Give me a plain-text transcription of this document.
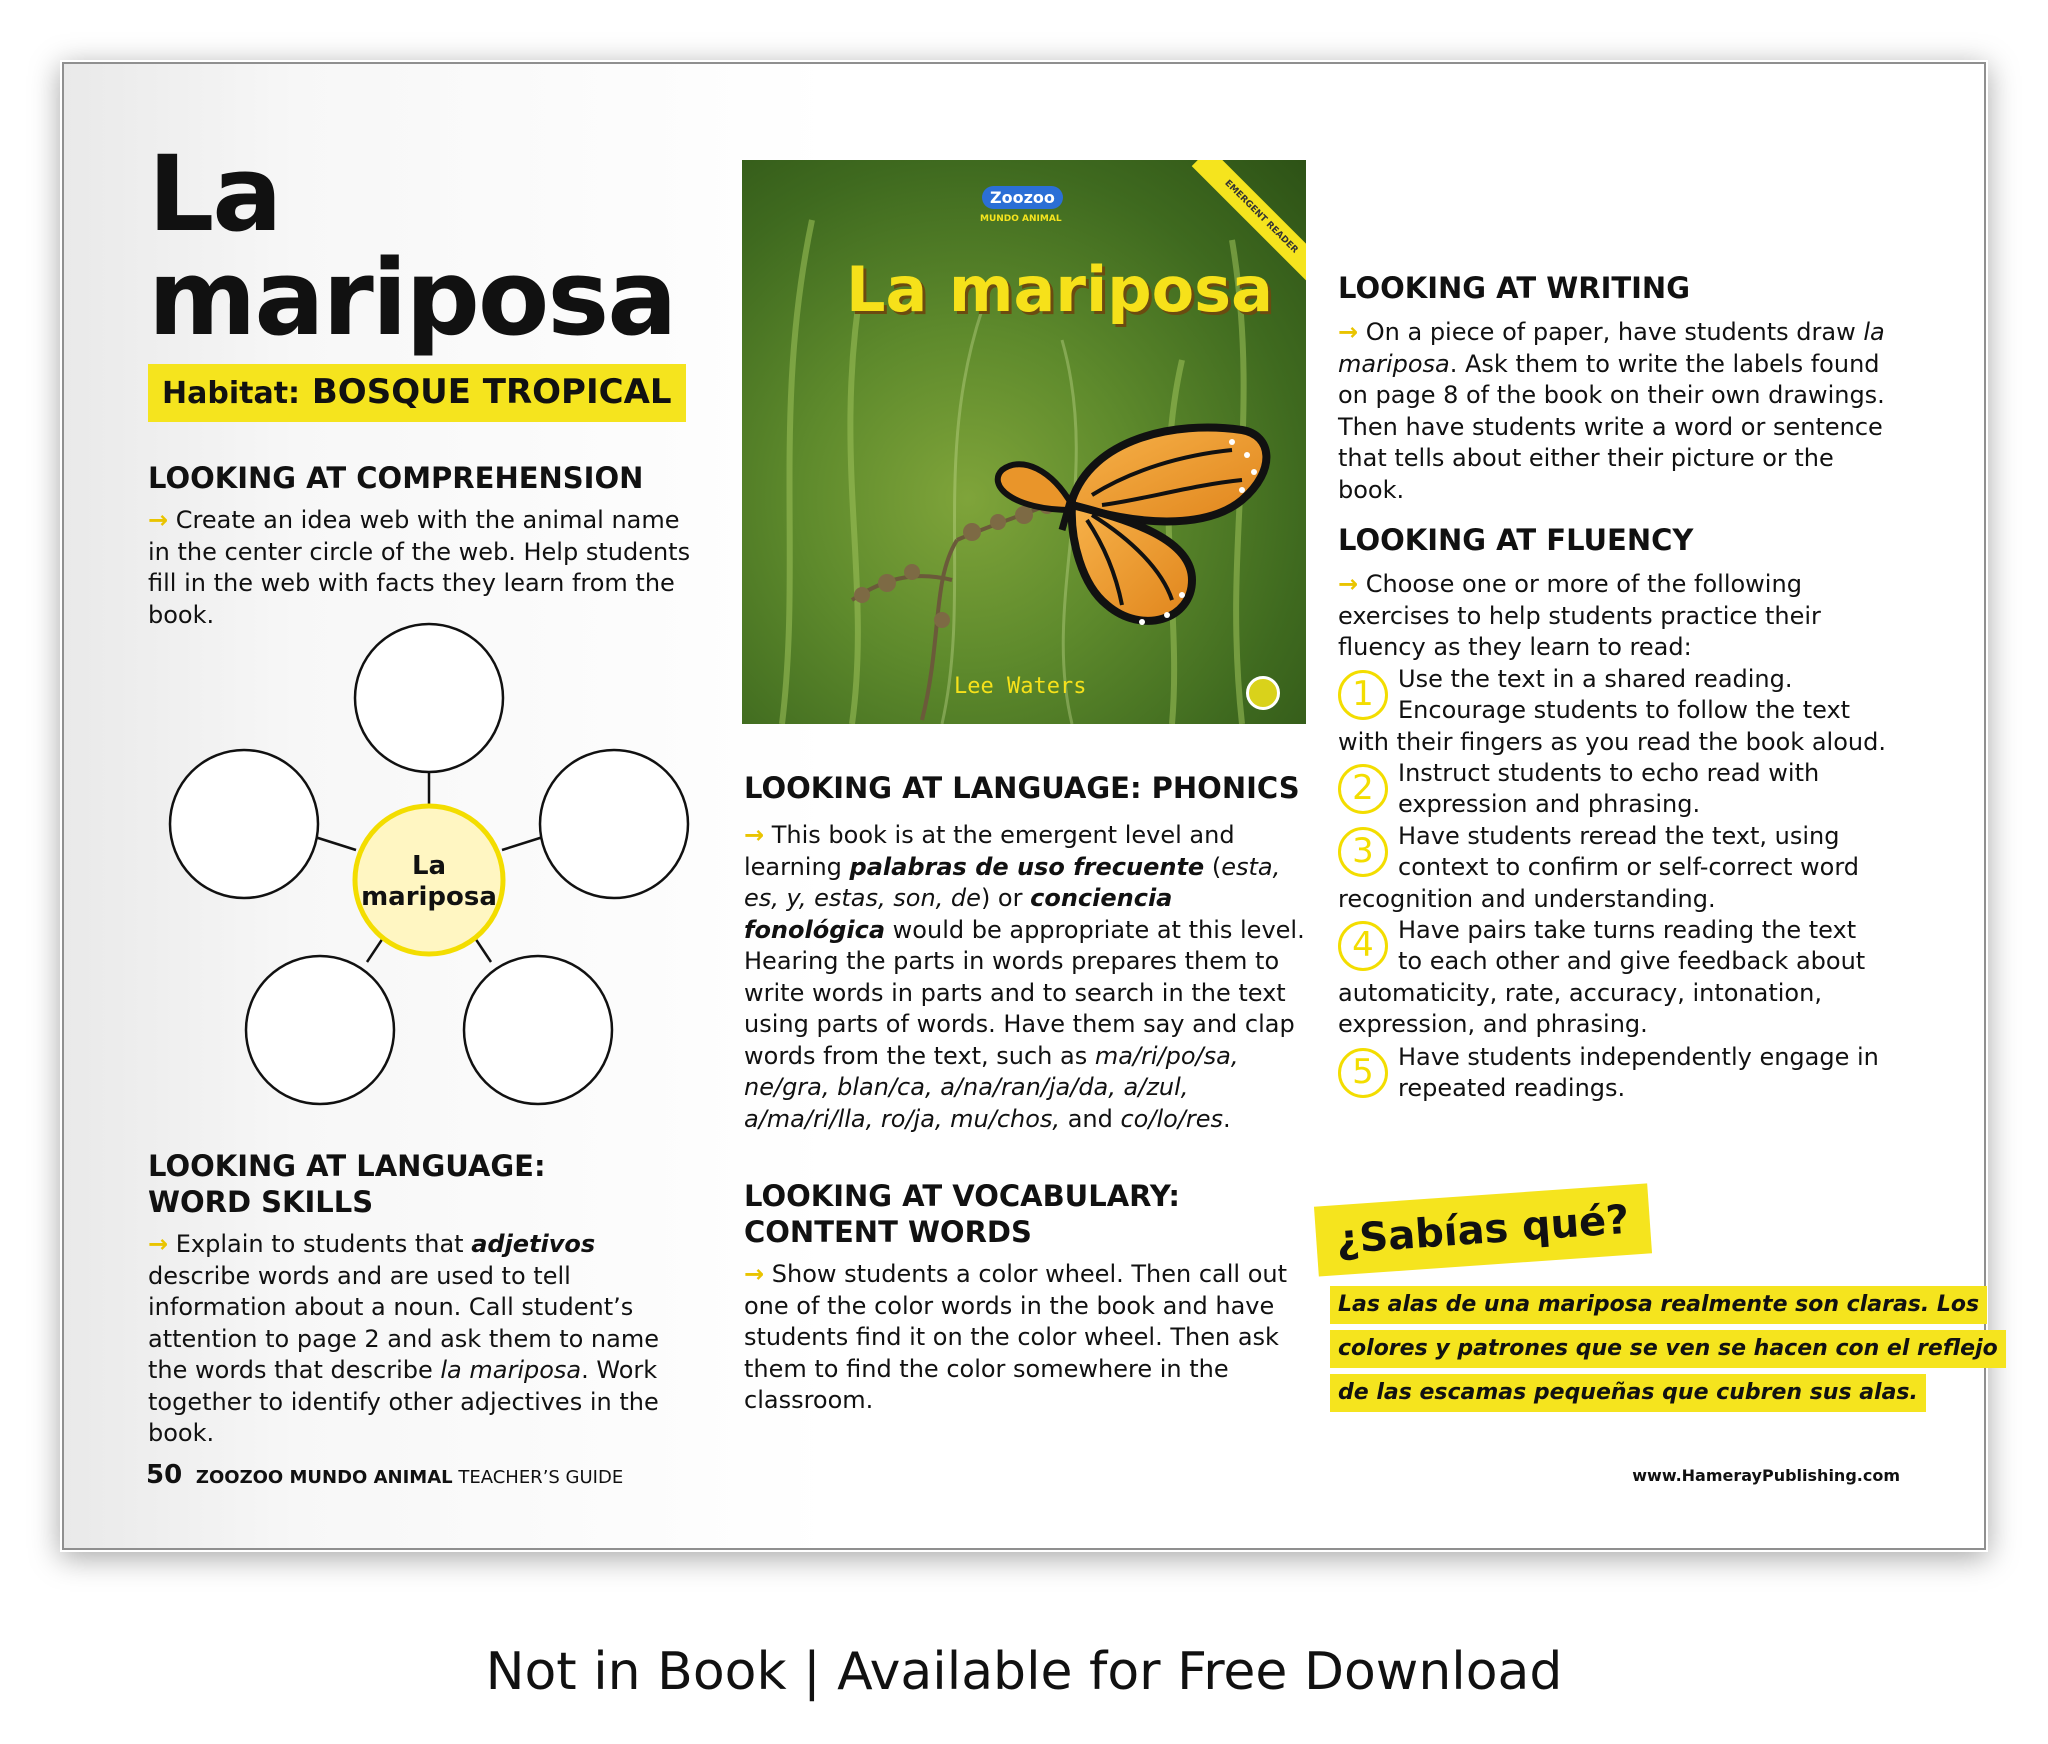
La
mariposa
Habitat: BOSQUE TROPICAL
LOOKING AT COMPREHENSION
→ Create an idea web with the animal name in the center circle of the web. Help students fill in the web with facts they learn from the book.
La
mariposa
LOOKING AT LANGUAGE:
WORD SKILLS
→ Explain to students that adjetivos describe words and are used to tell information about a noun. Call student’s attention to page 2 and ask them to name the words that describe la mariposa. Work together to identify other adjectives in the book.
Zoozoo
MUNDO ANIMAL
La mariposa
Lee Waters
EMERGENT READER
LOOKING AT LANGUAGE: PHONICS
→ This book is at the emergent level and learning palabras de uso frecuente (esta, es, y, estas, son, de) or conciencia fonológica would be appropriate at this level. Hearing the parts in words prepares them to write words in parts and to search in the text using parts of words. Have them say and clap words from the text, such as ma/ri/po/sa, ne/gra, blan/ca, a/na/ran/ja/da, a/zul, a/ma/ri/lla, ro/ja, mu/chos, and co/lo/res.
LOOKING AT VOCABULARY:
CONTENT WORDS
→ Show students a color wheel. Then call out one of the color words in the book and have students find it on the color wheel. Then ask them to find the color somewhere in the classroom.
LOOKING AT WRITING
→ On a piece of paper, have students draw la mariposa. Ask them to write the labels found on page 8 of the book on their own drawings. Then have students write a word or sentence that tells about either their picture or the book.
LOOKING AT FLUENCY
→ Choose one or more of the following exercises to help students practice their fluency as they learn to read:
1	Use the text in a shared reading.
Encourage students to follow the text with their fingers as you read the book aloud.
2	Instruct students to echo read with
expression and phrasing.
3	Have students reread the text, using
context to confirm or self-correct word recognition and understanding.
4	Have pairs take turns reading the text
to each other and give feedback about automaticity, rate, accuracy, intonation, expression, and phrasing.
5	Have students independently engage in
repeated readings.
¿Sabías qué?
Las alas de una mariposa realmente son claras. Los
colores y patrones que se ven se hacen con el reflejo
de las escamas pequeñas que cubren sus alas.
50 ZOOZOO MUNDO ANIMAL TEACHER’S GUIDE	www.HamerayPublishing.com
Not in Book | Available for Free Download
